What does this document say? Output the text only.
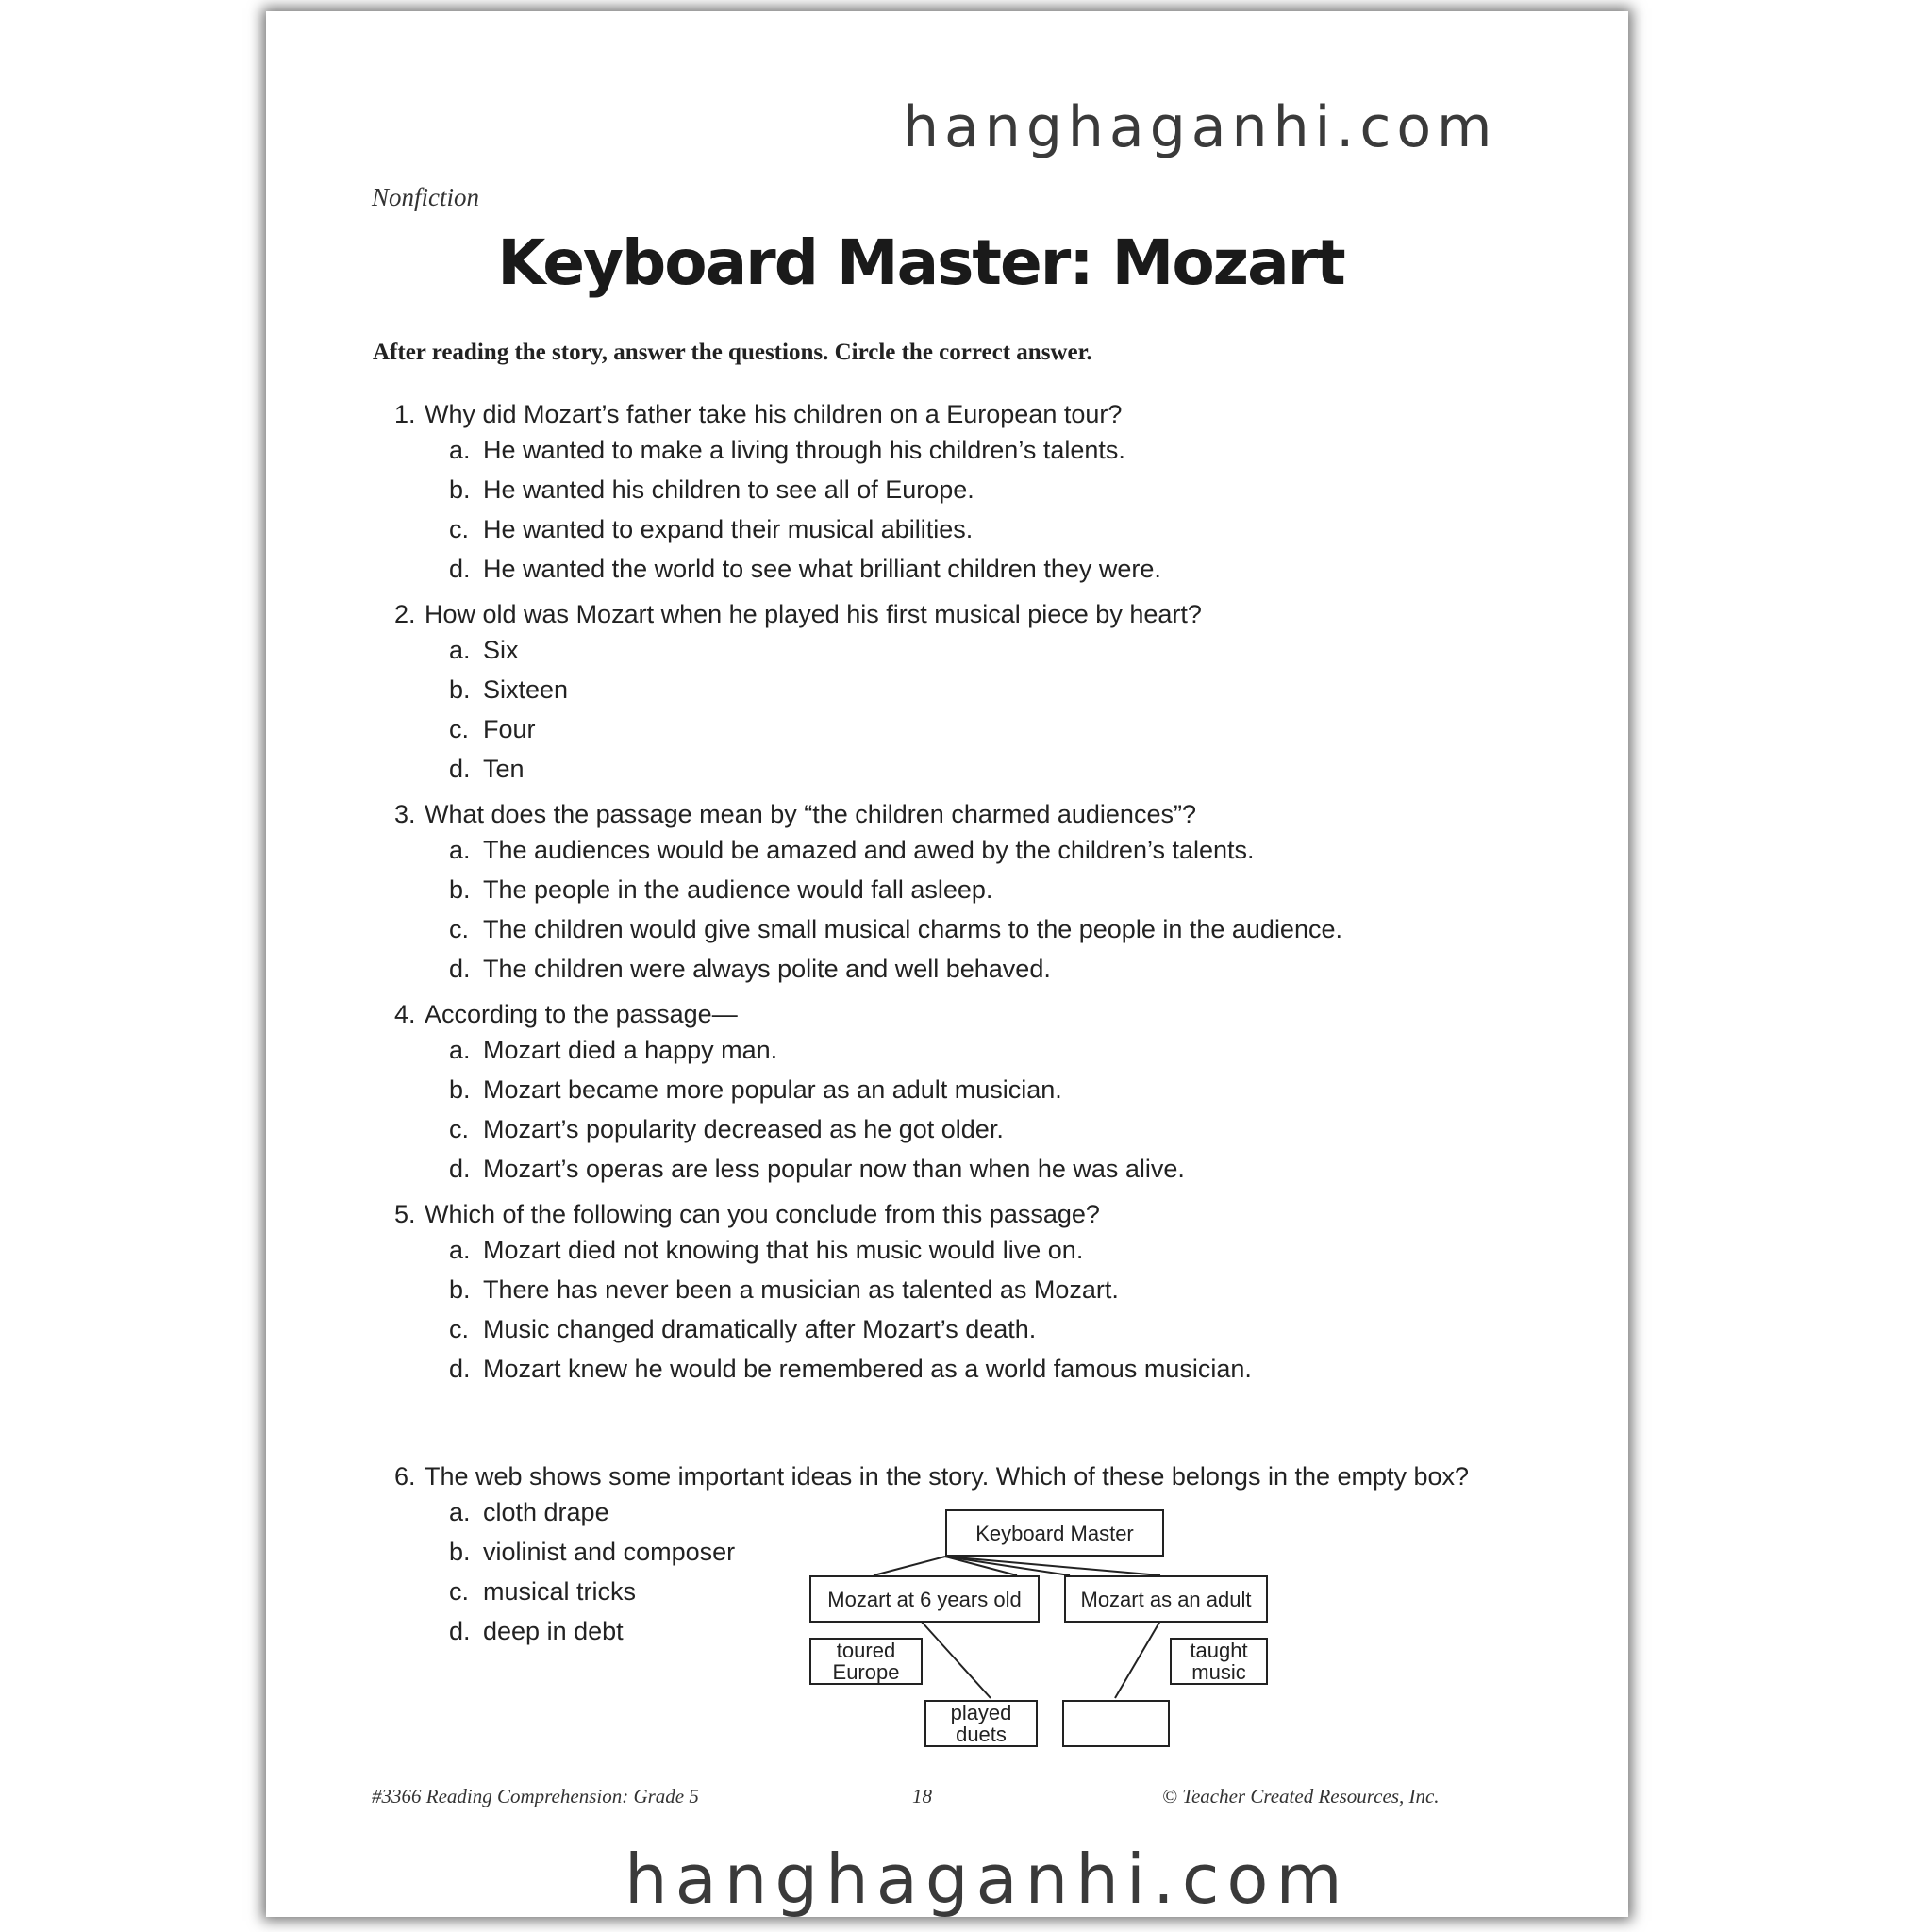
hanghaganhi.com
Nonfiction
Keyboard Master: Mozart
After reading the story, answer the questions. Circle the correct answer.
1. Why did Mozart’s father take his children on a European tour?
a. He wanted to make a living through his children’s talents.
b. He wanted his children to see all of Europe.
c. He wanted to expand their musical abilities.
d. He wanted the world to see what brilliant children they were.
2. How old was Mozart when he played his first musical piece by heart?
a. Six
b. Sixteen
c. Four
d. Ten
3. What does the passage mean by “the children charmed audiences”?
a. The audiences would be amazed and awed by the children’s talents.
b. The people in the audience would fall asleep.
c. The children would give small musical charms to the people in the audience.
d. The children were always polite and well behaved.
4. According to the passage—
a. Mozart died a happy man.
b. Mozart became more popular as an adult musician.
c. Mozart’s popularity decreased as he got older.
d. Mozart’s operas are less popular now than when he was alive.
5. Which of the following can you conclude from this passage?
a. Mozart died not knowing that his music would live on.
b. There has never been a musician as talented as Mozart.
c. Music changed dramatically after Mozart’s death.
d. Mozart knew he would be remembered as a world famous musician.
6. The web shows some important ideas in the story. Which of these belongs in the empty box?
a. cloth drape
b. violinist and composer
c. musical tricks
d. deep in debt
Keyboard Master
Mozart at 6 years old	Mozart as an adult
toured
Europe
played
duets
taught
music
#3366 Reading Comprehension: Grade 5	18	© Teacher Created Resources, Inc.
hanghaganhi.com
